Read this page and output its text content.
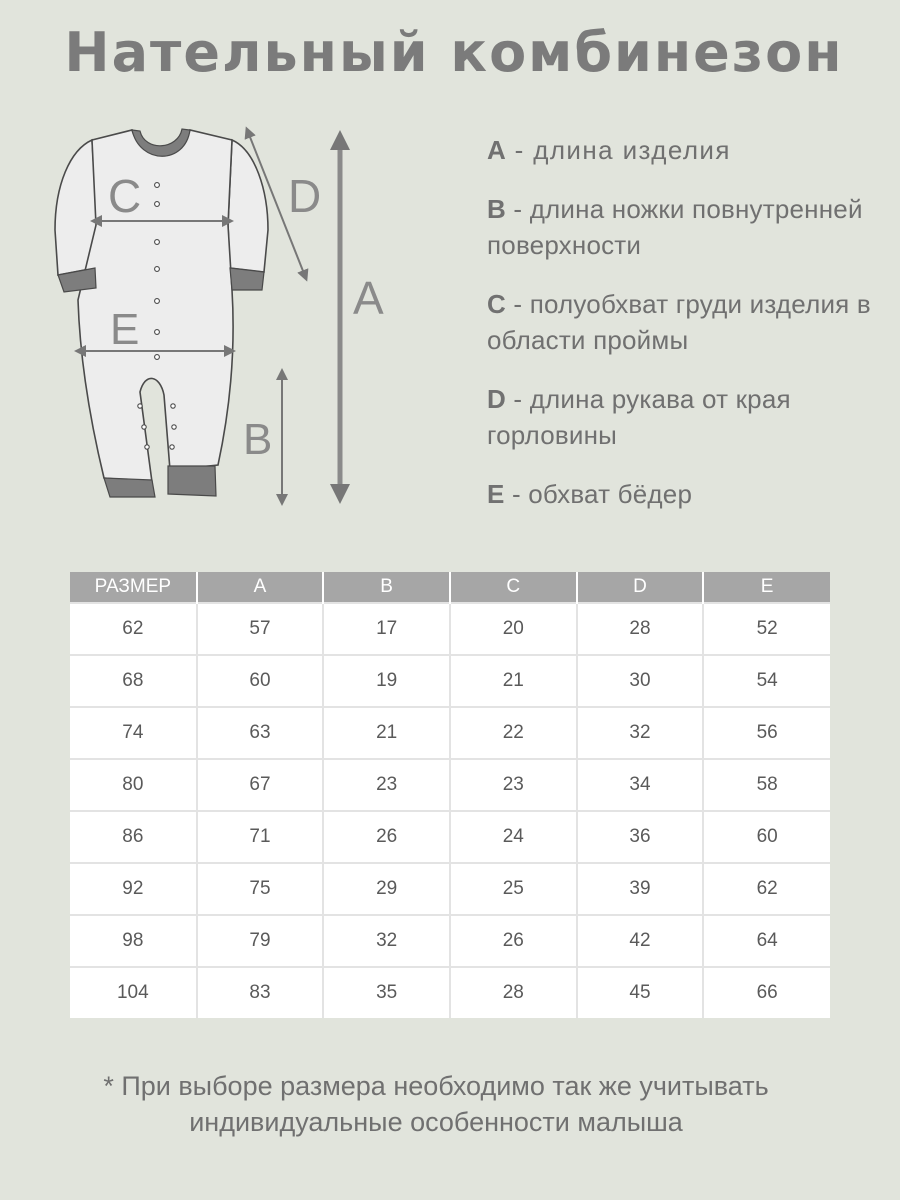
Нательный комбинезон
C
E
D
A
B
A - длина изделия
B - длина ножки повнутренней поверхности
C - полуобхват груди изделия в области проймы
D - длина рукава от края горловины
E - обхват бёдер
РАЗМЕР	A	B	C	D	E
62	57	17	20	28	52
68	60	19	21	30	54
74	63	21	22	32	56
80	67	23	23	34	58
86	71	26	24	36	60
92	75	29	25	39	62
98	79	32	26	42	64
104	83	35	28	45	66

* При выборе размера необходимо так же учитывать
индивидуальные особенности малыша
